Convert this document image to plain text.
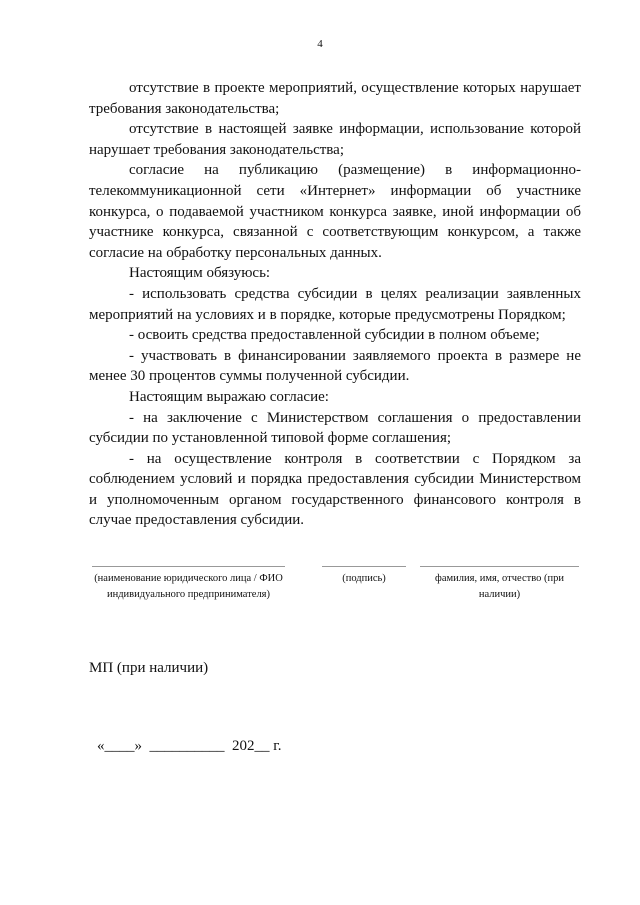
4

отсутствие в проекте мероприятий, осуществление которых нарушает требования законодательства;

отсутствие в настоящей заявке информации, использование которой нарушает требования законодательства;

согласие на публикацию (размещение) в информационно-телекоммуникационной сети «Интернет» информации об участнике конкурса, о подаваемой участником конкурса заявке, иной информации об участнике конкурса, связанной с соответствующим конкурсом, а также согласие на обработку персональных данных.

Настоящим обязуюсь:

- использовать средства субсидии в целях реализации заявленных мероприятий на условиях и в порядке, которые предусмотрены Порядком;

- освоить средства предоставленной субсидии в полном объеме;

- участвовать в финансировании заявляемого проекта в размере не менее 30 процентов суммы полученной субсидии.

Настоящим выражаю согласие:

- на заключение с Министерством соглашения о предоставлении субсидии по установленной типовой форме соглашения;

- на осуществление контроля в соответствии с Порядком за соблюдением условий и порядка предоставления субсидии Министерством и уполномоченным органом государственного финансового контроля в случае предоставления субсидии.

(наименование юридического лица / ФИО индивидуального предпринимателя)
(подпись)	фамилия, имя, отчество (при наличии)
МП (при наличии)
«____»  __________  202__ г.
